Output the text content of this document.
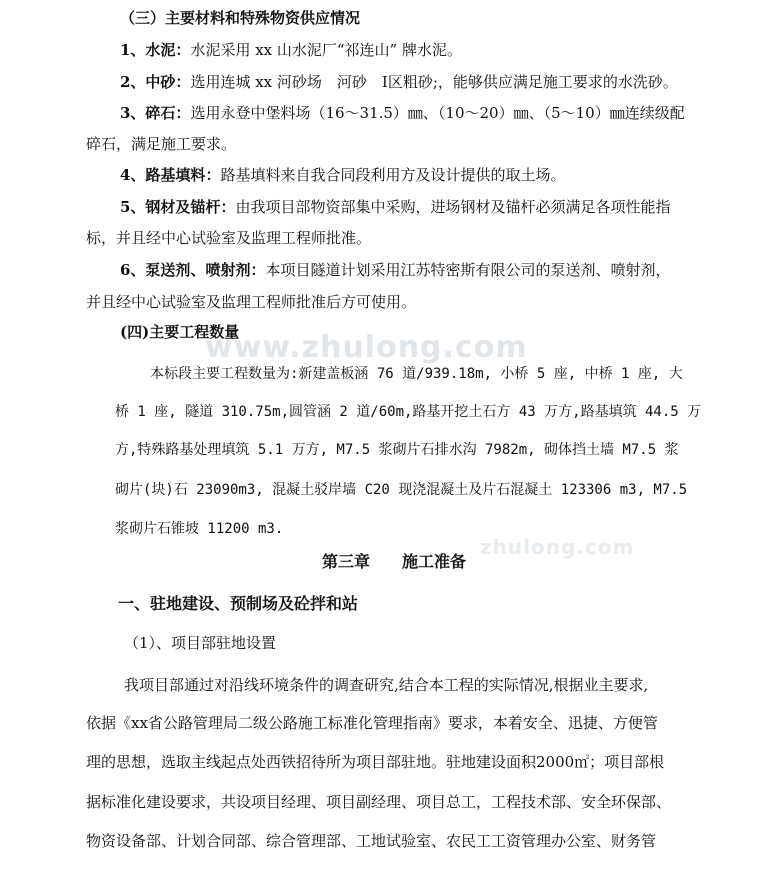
（三）主要材料和特殊物资供应情况
1、水泥：水泥采用 xx 山水泥厂“祁连山” 牌水泥。
2、中砂：选用连城 xx 河砂场　河砂　Ⅰ区粗砂;，能够供应满足施工要求的水洗砂。
3、碎石：选用永登中堡料场（16～31.5）㎜、（10～20）㎜、（5～10）㎜连续级配
碎石，满足施工要求。
4、路基填料：路基填料来自我合同段利用方及设计提供的取土场。
5、钢材及锚杆：由我项目部物资部集中采购，进场钢材及锚杆必须满足各项性能指
标，并且经中心试验室及监理工程师批准。
6、泵送剂、喷射剂：本项目隧道计划采用江苏特密斯有限公司的泵送剂、喷射剂，
并且经中心试验室及监理工程师批准后方可使用。
(四)主要工程数量
www.zhulong.com
本标段主要工程数量为:新建盖板涵 76 道/939.18m, 小桥 5 座, 中桥 1 座, 大
桥 1 座, 隧道 310.75m,圆管涵 2 道/60m,路基开挖土石方 43 万方,路基填筑 44.5 万
方,特殊路基处理填筑 5.1 万方, M7.5 浆砌片石排水沟 7982m, 砌体挡土墙 M7.5 浆
砌片(块)石 23090m3, 混凝土驳岸墙 C20 现浇混凝土及片石混凝土 123306 m3, M7.5
浆砌片石锥坡 11200 m3.
zhulong.com
第三章　　施工准备
一、驻地建设、预制场及砼拌和站
（1）、项目部驻地设置
我项目部通过对沿线环境条件的调查研究,结合本工程的实际情况,根据业主要求,
依据《xx省公路管理局二级公路施工标准化管理指南》要求，本着安全、迅捷、方便管
理的思想，选取主线起点处西铁招待所为项目部驻地。驻地建设面积2000㎡；项目部根
据标准化建设要求，共设项目经理、项目副经理、项目总工，工程技术部、安全环保部、
物资设备部、计划合同部、综合管理部、工地试验室、农民工工资管理办公室、财务管
